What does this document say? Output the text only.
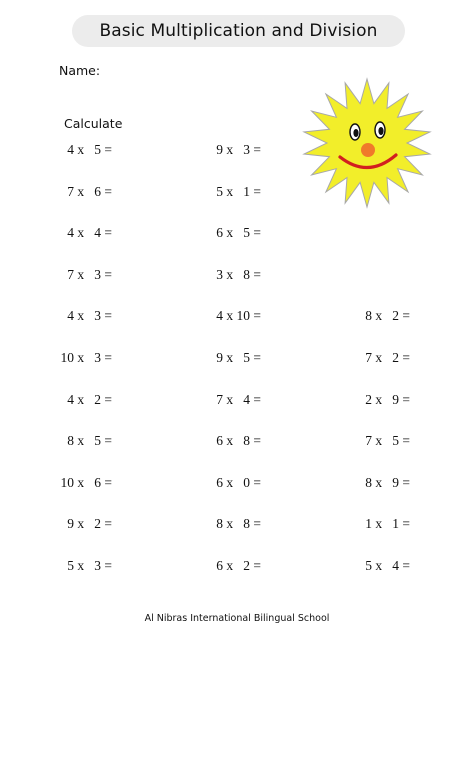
Basic Multiplication and Division
Name:
Calculate
4 x   5 =
7 x   6 =
4 x   4 =
7 x   3 =
4 x   3 =
10 x   3 =
4 x   2 =
8 x   5 =
10 x   6 =
9 x   2 =
5 x   3 =
9 x   3 =
5 x   1 =
6 x   5 =
3 x   8 =
4 x 10 =
9 x   5 =
7 x   4 =
6 x   8 =
6 x   0 =
8 x   8 =
6 x   2 =
8 x   2 =
7 x   2 =
2 x   9 =
7 x   5 =
8 x   9 =
1 x   1 =
5 x   4 =
Al Nibras International Bilingual School
